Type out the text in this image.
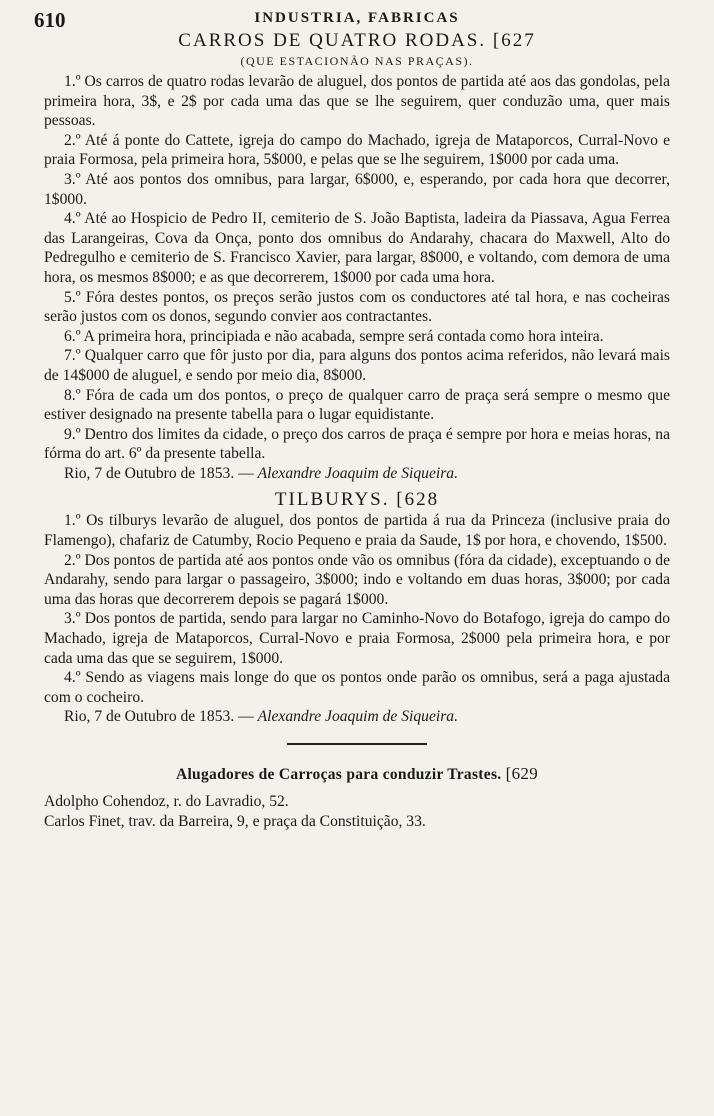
610	INDUSTRIA, FABRICAS
CARROS DE QUATRO RODAS. [627
(QUE ESTACIONÃO NAS PRAÇAS).

1.º Os carros de quatro rodas levarão de aluguel, dos pontos de partida até aos das gondolas, pela primeira hora, 3$, e 2$ por cada uma das que se lhe seguirem, quer conduzão uma, quer mais pessoas.

2.º Até á ponte do Cattete, igreja do campo do Machado, igreja de Mataporcos, Curral-Novo e praia Formosa, pela primeira hora, 5$000, e pelas que se lhe seguirem, 1$000 por cada uma.

3.º Até aos pontos dos omnibus, para largar, 6$000, e, esperando, por cada hora que decorrer, 1$000.

4.º Até ao Hospicio de Pedro II, cemiterio de S. João Baptista, ladeira da Piassava, Agua Ferrea das Larangeiras, Cova da Onça, ponto dos omnibus do Andarahy, chacara do Maxwell, Alto do Pedregulho e cemiterio de S. Francisco Xavier, para largar, 8$000, e voltando, com demora de uma hora, os mesmos 8$000; e as que decorrerem, 1$000 por cada uma hora.

5.º Fóra destes pontos, os preços serão justos com os conductores até tal hora, e nas cocheiras serão justos com os donos, segundo convier aos contractantes.

6.º A primeira hora, principiada e não acabada, sempre será contada como hora inteira.

7.º Qualquer carro que fôr justo por dia, para alguns dos pontos acima referidos, não levará mais de 14$000 de aluguel, e sendo por meio dia, 8$000.

8.º Fóra de cada um dos pontos, o preço de qualquer carro de praça será sempre o mesmo que estiver designado na presente tabella para o lugar equidistante.

9.º Dentro dos limites da cidade, o preço dos carros de praça é sempre por hora e meias horas, na fórma do art. 6º da presente tabella.

Rio, 7 de Outubro de 1853. — Alexandre Joaquim de Siqueira.

TILBURYS. [628

1.º Os tilburys levarão de aluguel, dos pontos de partida á rua da Princeza (inclusive praia do Flamengo), chafariz de Catumby, Rocio Pequeno e praia da Saude, 1$ por hora, e chovendo, 1$500.

2.º Dos pontos de partida até aos pontos onde vão os omnibus (fóra da cidade), exceptuando o de Andarahy, sendo para largar o passageiro, 3$000; indo e voltando em duas horas, 3$000; por cada uma das horas que decorrerem depois se pagará 1$000.

3.º Dos pontos de partida, sendo para largar no Caminho-Novo do Botafogo, igreja do campo do Machado, igreja de Mataporcos, Curral-Novo e praia Formosa, 2$000 pela primeira hora, e por cada uma das que se seguirem, 1$000.

4.º Sendo as viagens mais longe do que os pontos onde parão os omnibus, será a paga ajustada com o cocheiro.

Rio, 7 de Outubro de 1853. — Alexandre Joaquim de Siqueira.

Alugadores de Carroças para conduzir Trastes. [629

Adolpho Cohendoz, r. do Lavradio, 52.

Carlos Finet, trav. da Barreira, 9, e praça da Constituição, 33.
